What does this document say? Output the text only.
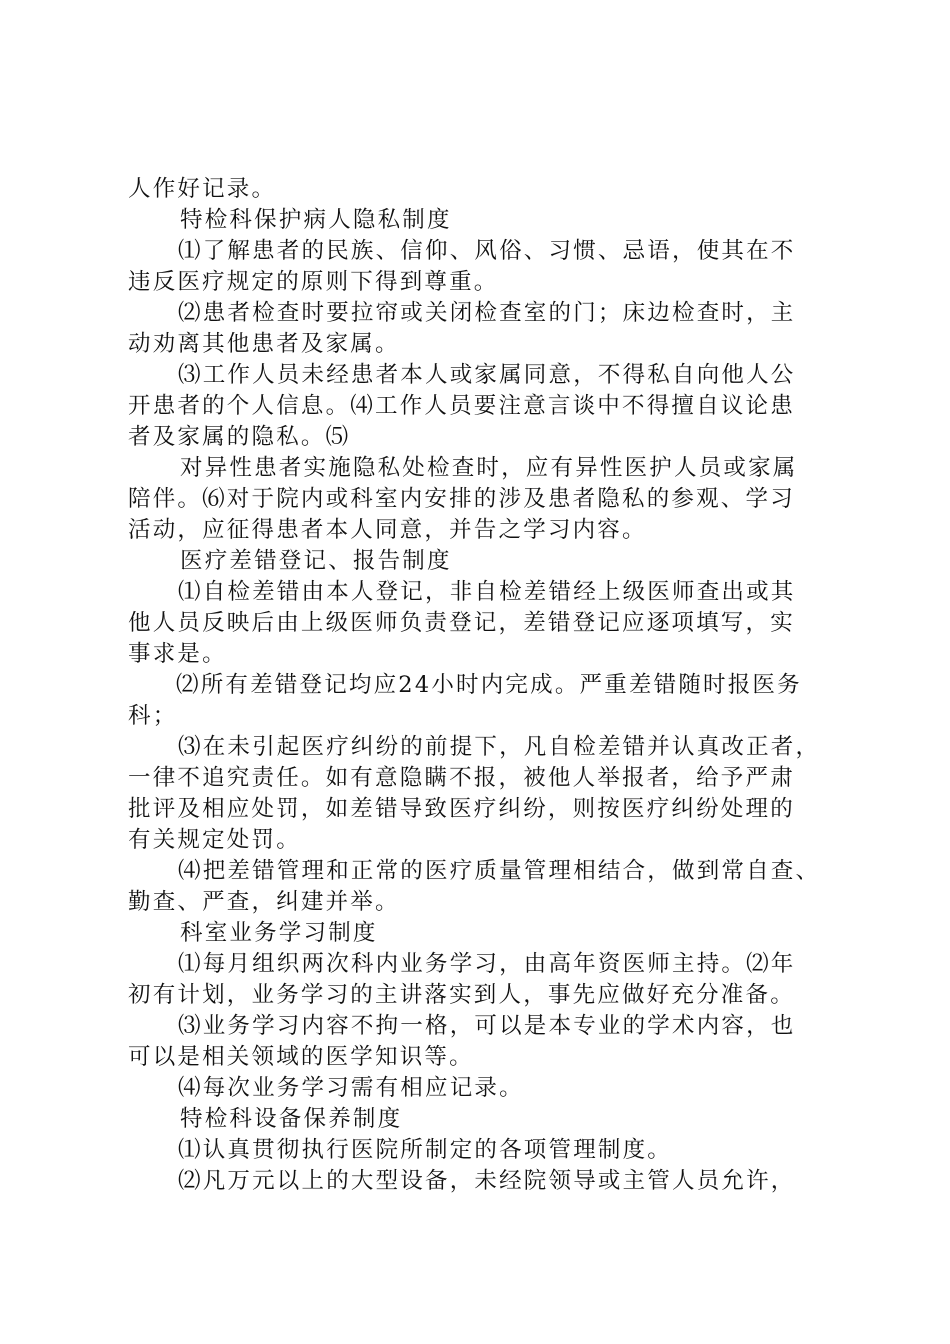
人作好记录。

特检科保护病人隐私制度

⑴了解患者的民族、信仰、风俗、习惯、忌语，使其在不

违反医疗规定的原则下得到尊重。

⑵患者检查时要拉帘或关闭检查室的门；床边检查时，主

动劝离其他患者及家属。

⑶工作人员未经患者本人或家属同意，不得私自向他人公

开患者的个人信息。⑷工作人员要注意言谈中不得擅自议论患

者及家属的隐私。⑸

对异性患者实施隐私处检查时，应有异性医护人员或家属

陪伴。⑹对于院内或科室内安排的涉及患者隐私的参观、学习

活动，应征得患者本人同意，并告之学习内容。

医疗差错登记、报告制度

⑴自检差错由本人登记，非自检差错经上级医师查出或其

他人员反映后由上级医师负责登记，差错登记应逐项填写，实

事求是。

⑵所有差错登记均应24小时内完成。严重差错随时报医务

科；

⑶在未引起医疗纠纷的前提下，凡自检差错并认真改正者，

一律不追究责任。如有意隐瞒不报，被他人举报者，给予严肃

批评及相应处罚，如差错导致医疗纠纷，则按医疗纠纷处理的

有关规定处罚。

⑷把差错管理和正常的医疗质量管理相结合，做到常自查、

勤查、严查，纠建并举。

科室业务学习制度

⑴每月组织两次科内业务学习，由高年资医师主持。⑵年

初有计划，业务学习的主讲落实到人，事先应做好充分准备。

⑶业务学习内容不拘一格，可以是本专业的学术内容，也

可以是相关领域的医学知识等。

⑷每次业务学习需有相应记录。

特检科设备保养制度

⑴认真贯彻执行医院所制定的各项管理制度。

⑵凡万元以上的大型设备，未经院领导或主管人员允许，
